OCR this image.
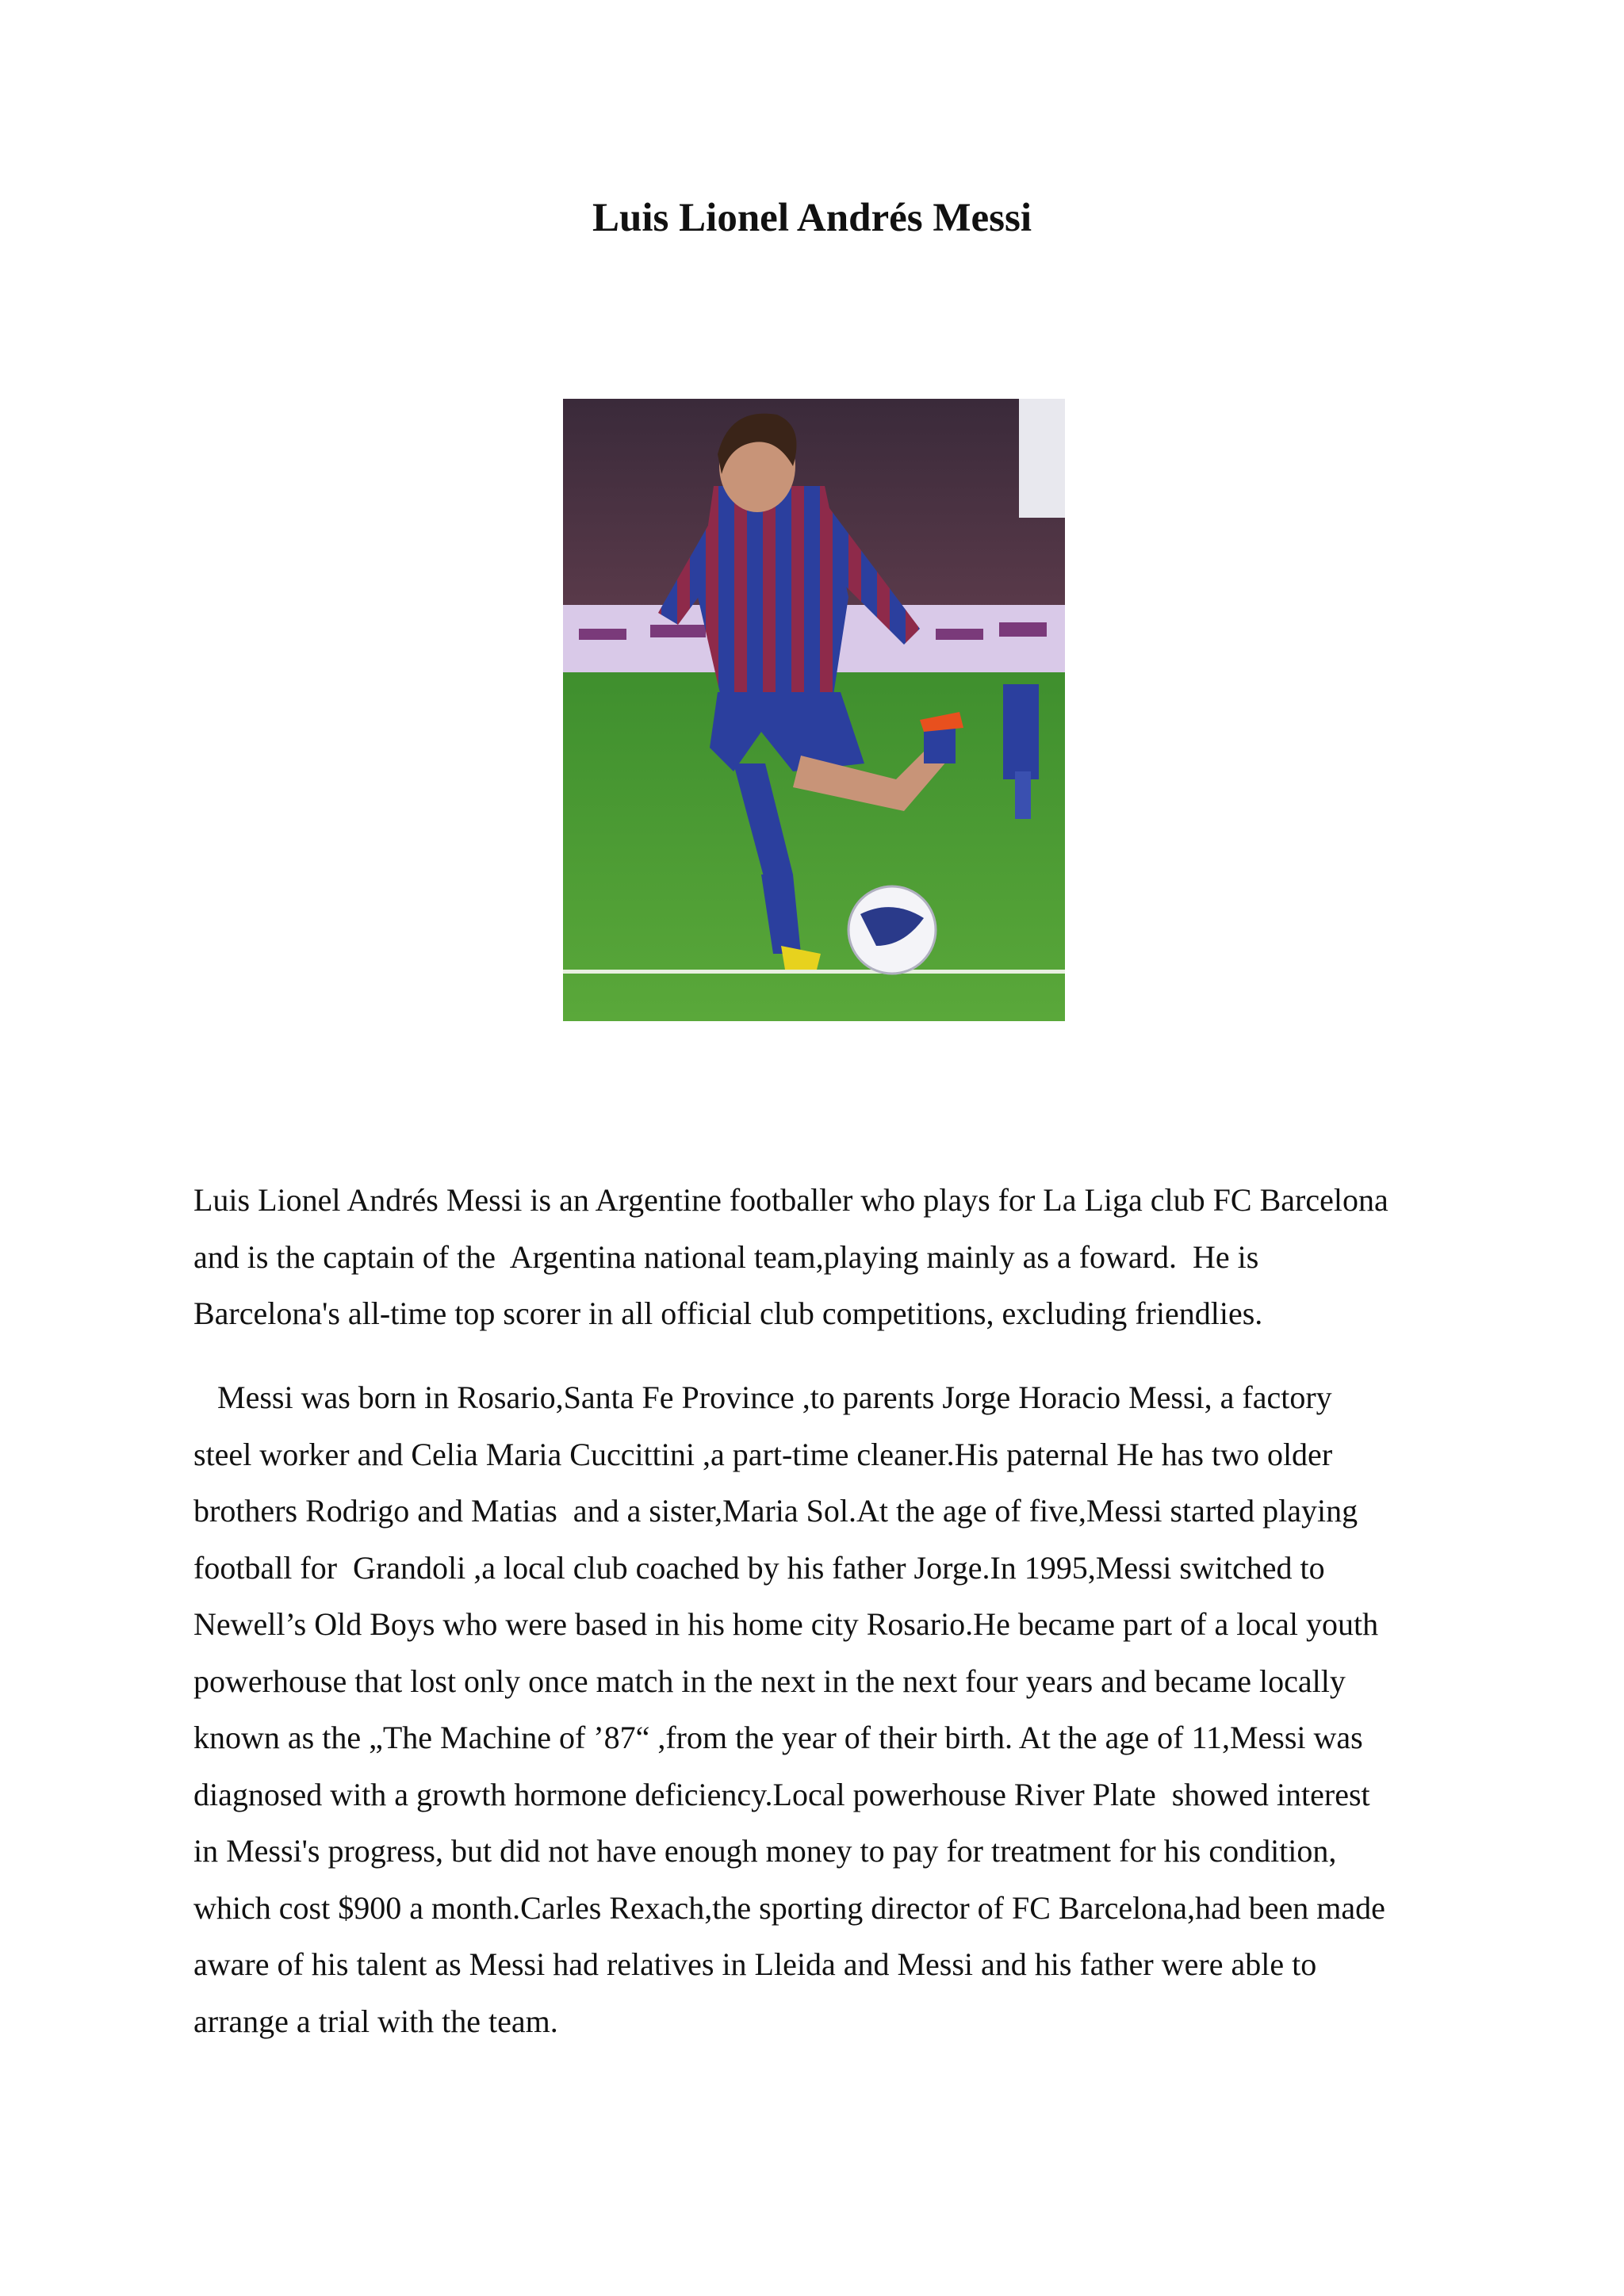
Luis Lionel Andrés Messi
Luis Lionel Andrés Messi is an Argentine footballer who plays for La Liga club FC Barcelona
and is the captain of the  Argentina national team,playing mainly as a foward.  He is
Barcelona's all-time top scorer in all official club competitions, excluding friendlies.
Messi was born in Rosario,Santa Fe Province ,to parents Jorge Horacio Messi, a factory
steel worker and Celia Maria Cuccittini ,a part-time cleaner.His paternal He has two older
brothers Rodrigo and Matias  and a sister,Maria Sol.At the age of five,Messi started playing
football for  Grandoli ,a local club coached by his father Jorge.In 1995,Messi switched to
Newell’s Old Boys who were based in his home city Rosario.He became part of a local youth
powerhouse that lost only once match in the next in the next four years and became locally
known as the „The Machine of ’87“ ,from the year of their birth. At the age of 11,Messi was
diagnosed with a growth hormone deficiency.Local powerhouse River Plate  showed interest
in Messi's progress, but did not have enough money to pay for treatment for his condition,
which cost $900 a month.Carles Rexach,the sporting director of FC Barcelona,had been made
aware of his talent as Messi had relatives in Lleida and Messi and his father were able to
arrange a trial with the team.
